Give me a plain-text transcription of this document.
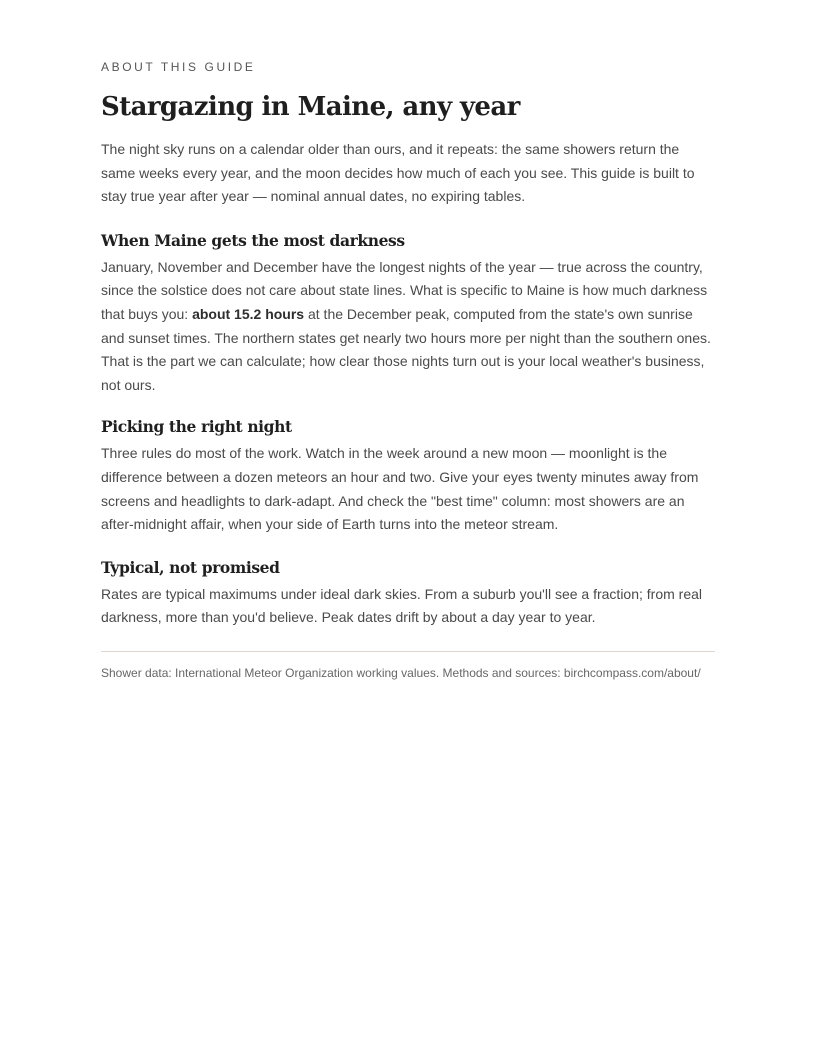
ABOUT THIS GUIDE

Stargazing in Maine, any year

The night sky runs on a calendar older than ours, and it repeats: the same showers return the same weeks every year, and the moon decides how much of each you see. This guide is built to stay true year after year — nominal annual dates, no expiring tables.

When Maine gets the most darkness

January, November and December have the longest nights of the year — true across the country, since the solstice does not care about state lines. What is specific to Maine is how much darkness that buys you: about 15.2 hours at the December peak, computed from the state's own sunrise and sunset times. The northern states get nearly two hours more per night than the southern ones. That is the part we can calculate; how clear those nights turn out is your local weather's business, not ours.

Picking the right night

Three rules do most of the work. Watch in the week around a new moon — moonlight is the difference between a dozen meteors an hour and two. Give your eyes twenty minutes away from screens and headlights to dark-adapt. And check the "best time" column: most showers are an after-midnight affair, when your side of Earth turns into the meteor stream.

Typical, not promised

Rates are typical maximums under ideal dark skies. From a suburb you'll see a fraction; from real darkness, more than you'd believe. Peak dates drift by about a day year to year.

Shower data: International Meteor Organization working values. Methods and sources: birchcompass.com/about/
